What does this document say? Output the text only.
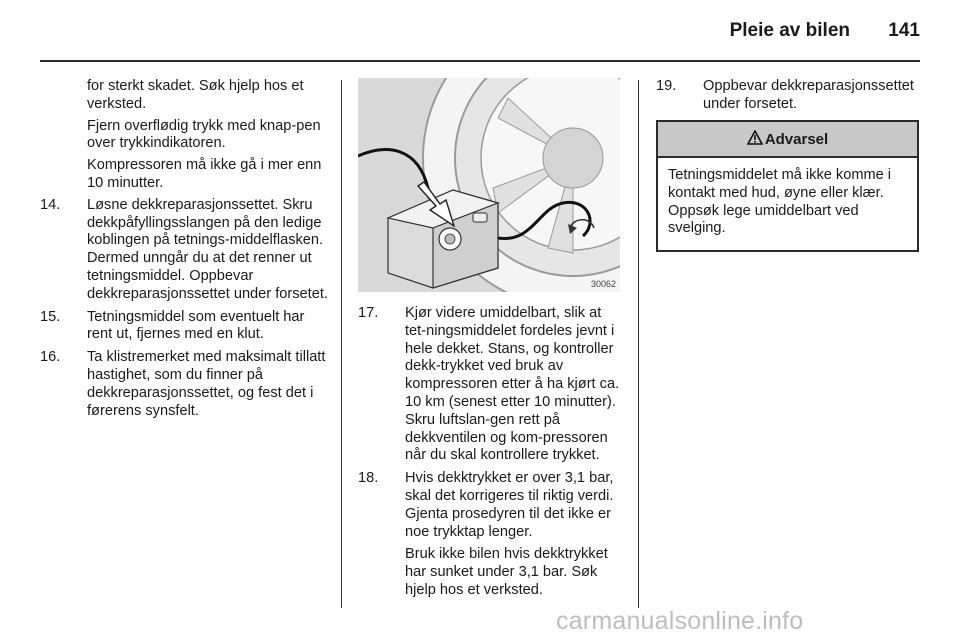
Pleie av bilen	141

for sterkt skadet. Søk hjelp hos et verksted.

Fjern overflødig trykk med knap-pen over trykkindikatoren.

Kompressoren må ikke gå i mer enn 10 minutter.

14.	Løsne dekkreparasjonssettet. Skru dekkpåfyllingsslangen på den ledige koblingen på tetnings-middelflasken. Dermed unngår du at det renner ut tetningsmiddel. Oppbevar dekkreparasjonssettet under forsetet.
15.	Tetningsmiddel som eventuelt har rent ut, fjernes med en klut.
16.	Ta klistremerket med maksimalt tillatt hastighet, som du finner på dekkreparasjonssettet, og fest det i førerens synsfelt.
30062
17.	Kjør videre umiddelbart, slik at tet-ningsmiddelet fordeles jevnt i hele dekket. Stans, og kontroller dekk-trykket ved bruk av kompressoren etter å ha kjørt ca. 10 km (senest etter 10 minutter). Skru luftslan-gen rett på dekkventilen og kom-pressoren når du skal kontrollere trykket.
18.	Hvis dekktrykket er over 3,1 bar, skal det korrigeres til riktig verdi. Gjenta prosedyren til det ikke er noe trykktap lenger.

Bruk ikke bilen hvis dekktrykket har sunket under 3,1 bar. Søk hjelp hos et verksted.

19.	Oppbevar dekkreparasjonssettet under forsetet.
Advarsel
Tetningsmiddelet må ikke komme i kontakt med hud, øyne eller klær. Oppsøk lege umiddelbart ved svelging.
carmanualsonline.info
